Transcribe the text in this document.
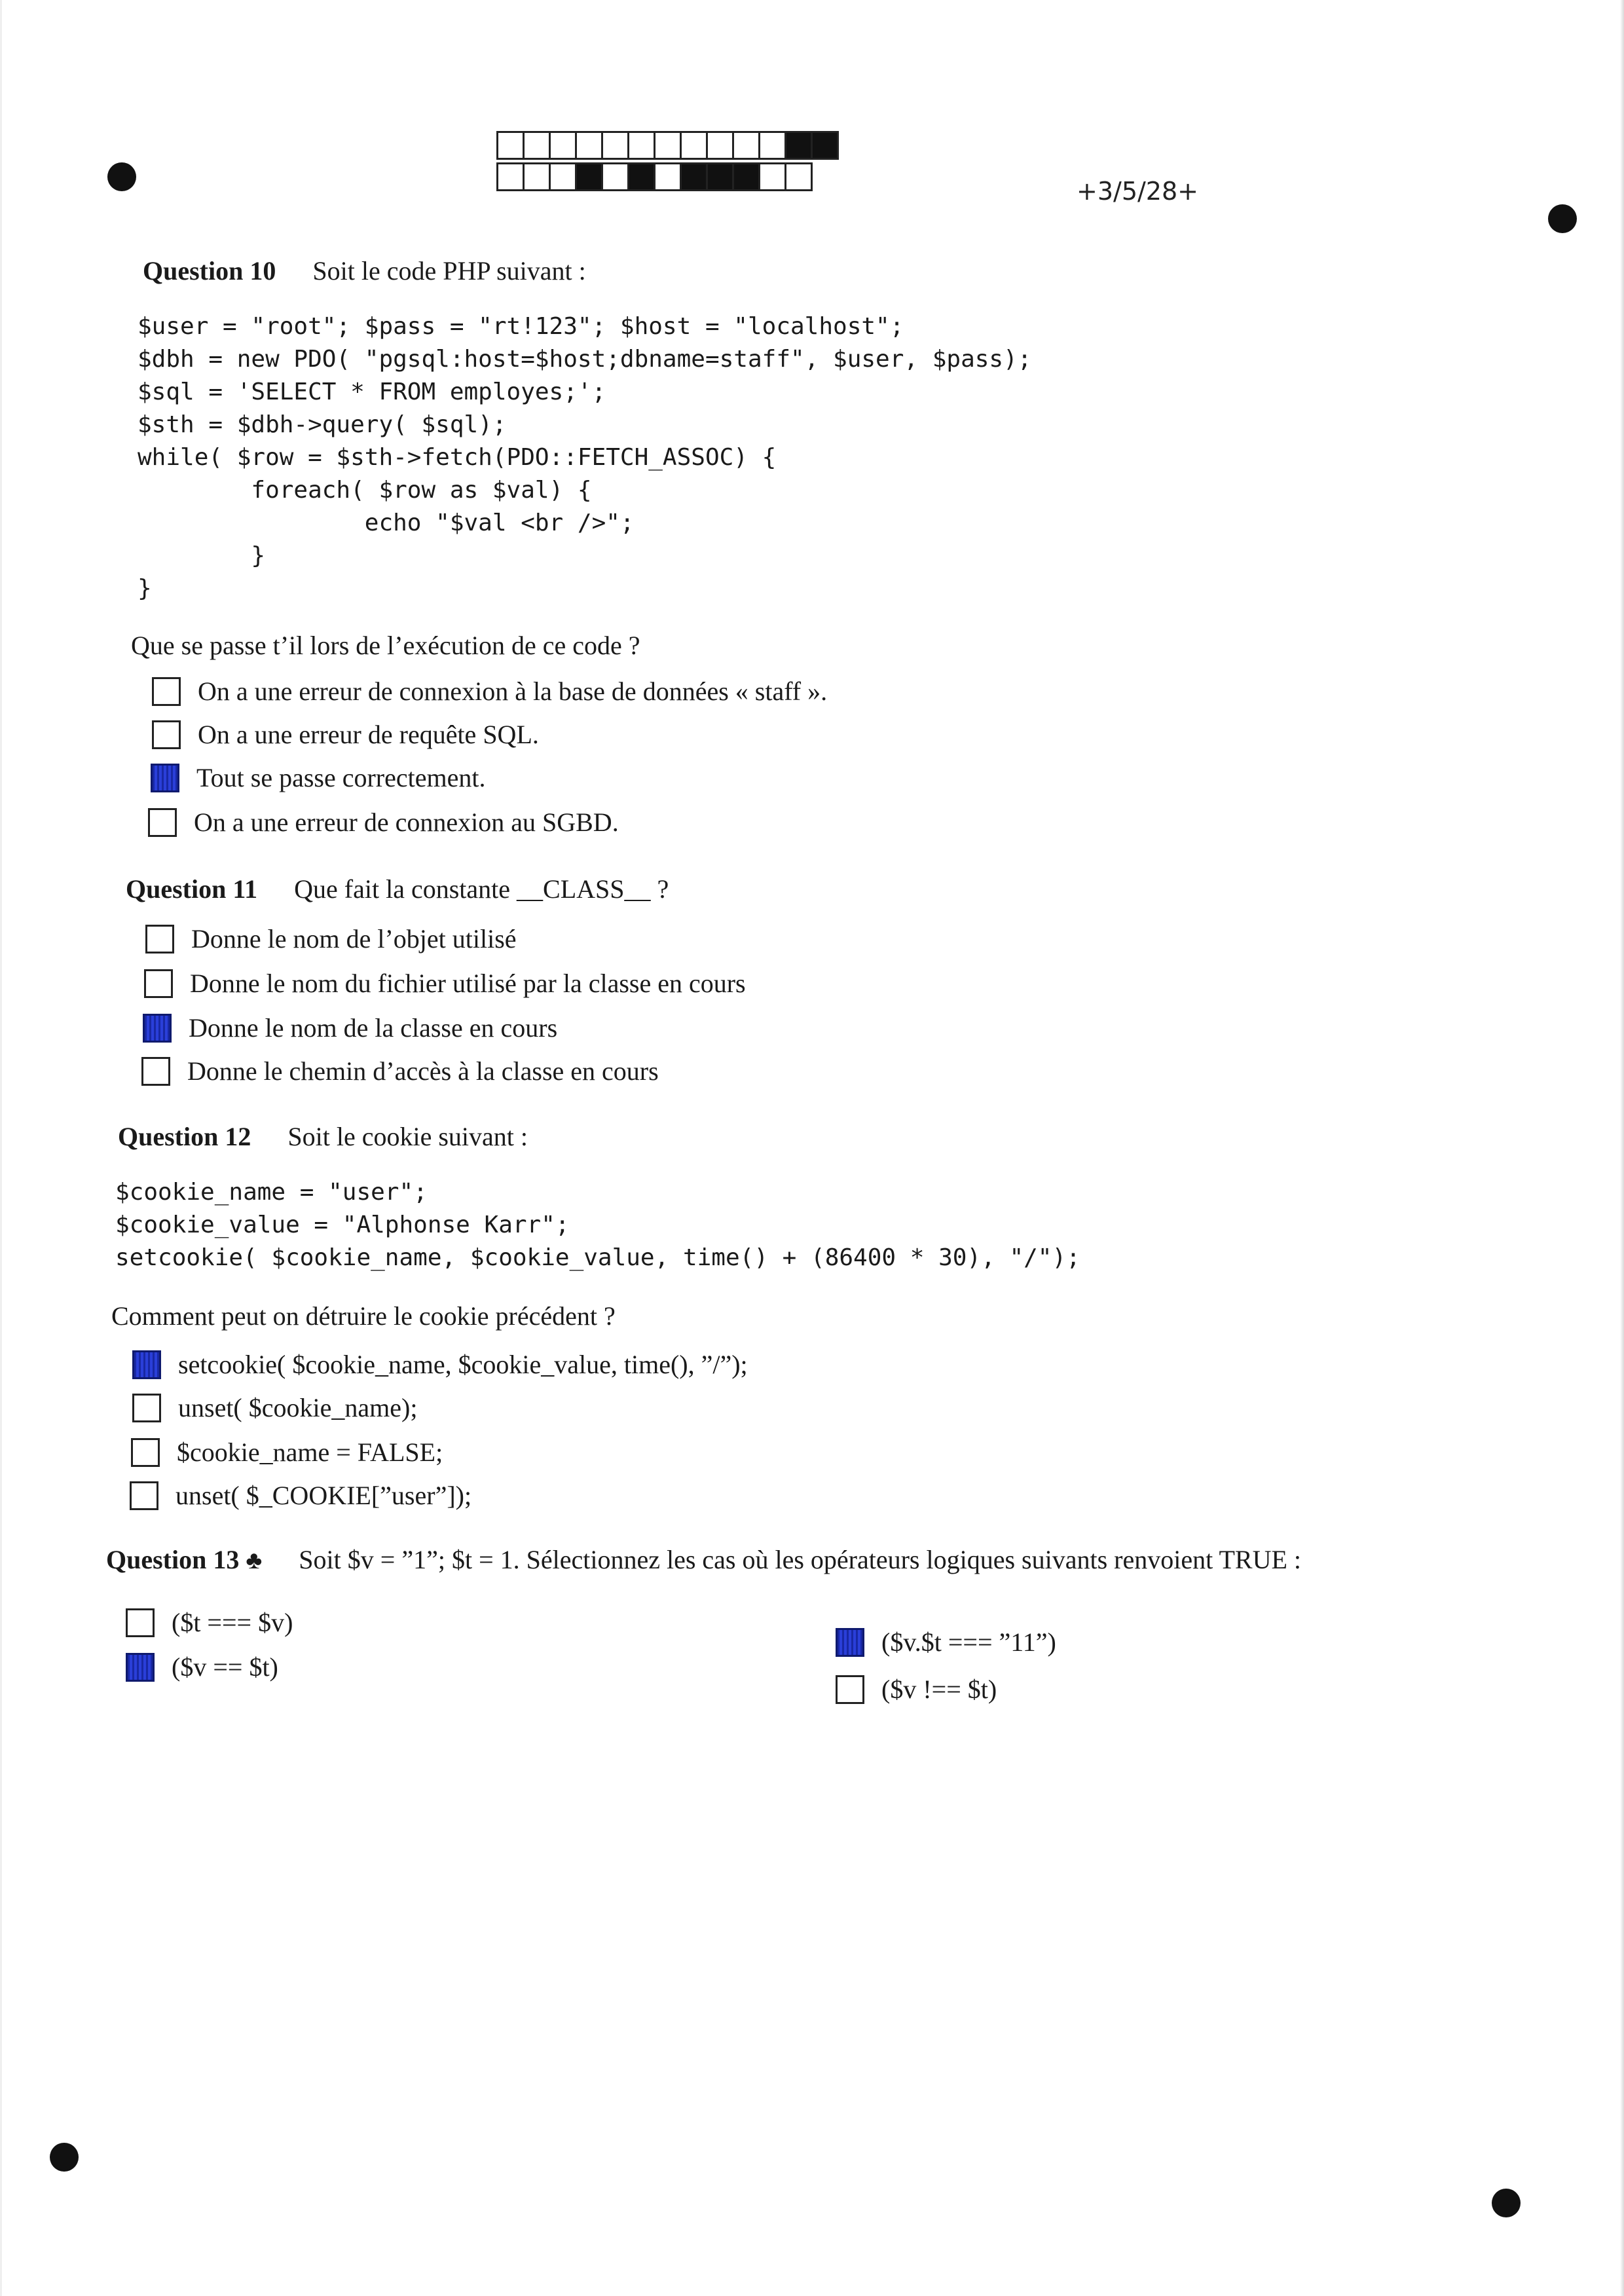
+3/5/28+
Question 10 Soit le code PHP suivant :
$user = "root"; $pass = "rt!123"; $host = "localhost";
$dbh = new PDO( "pgsql:host=$host;dbname=staff", $user, $pass);
$sql = 'SELECT * FROM employes;';
$sth = $dbh->query( $sql);
while( $row = $sth->fetch(PDO::FETCH_ASSOC) {
foreach( $row as $val) {
echo "$val <br />";
}
}
Que se passe t’il lors de l’exécution de ce code ?
On a une erreur de connexion à la base de données « staff ».
On a une erreur de requête SQL.
Tout se passe correctement.
On a une erreur de connexion au SGBD.
Question 11 Que fait la constante __CLASS__ ?
Donne le nom de l’objet utilisé
Donne le nom du fichier utilisé par la classe en cours
Donne le nom de la classe en cours
Donne le chemin d’accès à la classe en cours
Question 12 Soit le cookie suivant :
$cookie_name = "user";
$cookie_value = "Alphonse Karr";
setcookie( $cookie_name, $cookie_value, time() + (86400 * 30), "/");
Comment peut on détruire le cookie précédent ?
setcookie( $cookie_name, $cookie_value, time(), ”/”);
unset( $cookie_name);
$cookie_name = FALSE;
unset( $_COOKIE[”user”]);
Question 13 ♣ Soit $v = ”1”; $t = 1. Sélectionnez les cas où les opérateurs logiques suivants renvoient TRUE :
($t === $v)
($v == $t)
($v.$t === ”11”)
($v !== $t)
